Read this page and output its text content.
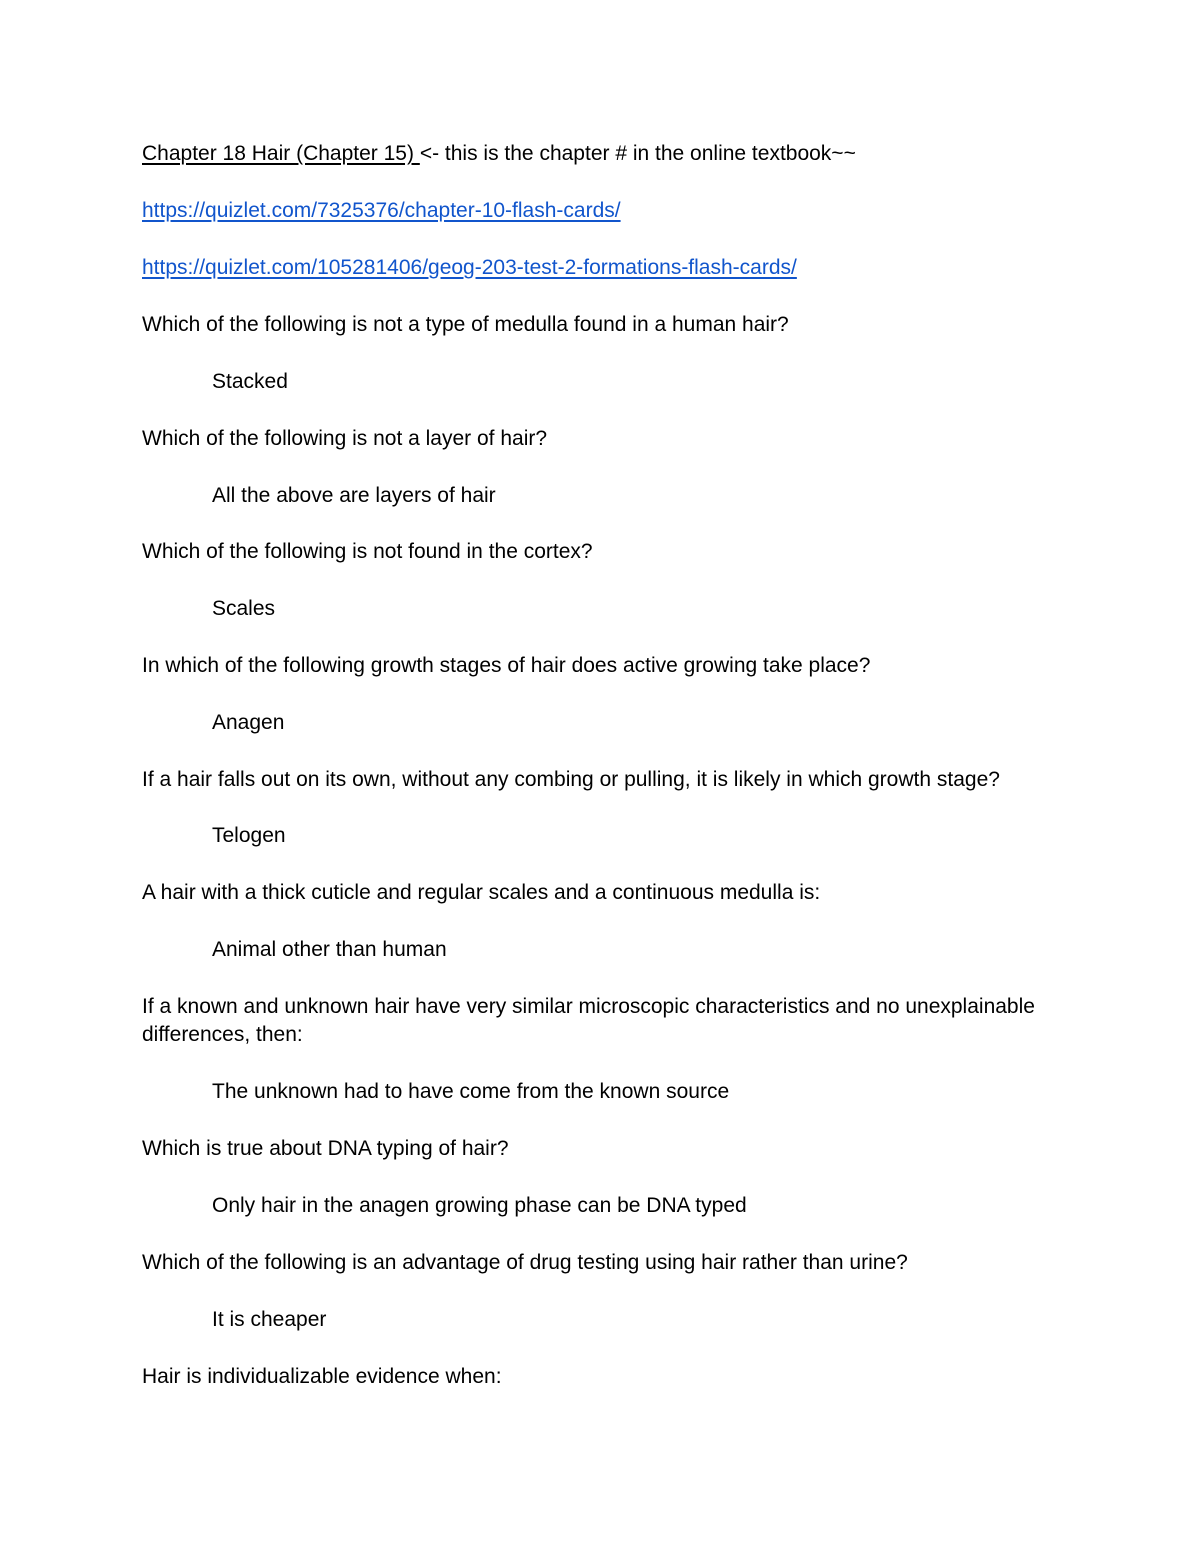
Chapter 18 Hair (Chapter 15) <- this is the chapter # in the online textbook~~
https://quizlet.com/7325376/chapter-10-flash-cards/
https://quizlet.com/105281406/geog-203-test-2-formations-flash-cards/
Which of the following is not a type of medulla found in a human hair?
Stacked
Which of the following is not a layer of hair?
All the above are layers of hair
Which of the following is not found in the cortex?
Scales
In which of the following growth stages of hair does active growing take place?
Anagen
If a hair falls out on its own, without any combing or pulling, it is likely in which growth stage?
Telogen
A hair with a thick cuticle and regular scales and a continuous medulla is:
Animal other than human
If a known and unknown hair have very similar microscopic characteristics and no unexplainable differences, then:
The unknown had to have come from the known source
Which is true about DNA typing of hair?
Only hair in the anagen growing phase can be DNA typed
Which of the following is an advantage of drug testing using hair rather than urine?
It is cheaper
Hair is individualizable evidence when:
